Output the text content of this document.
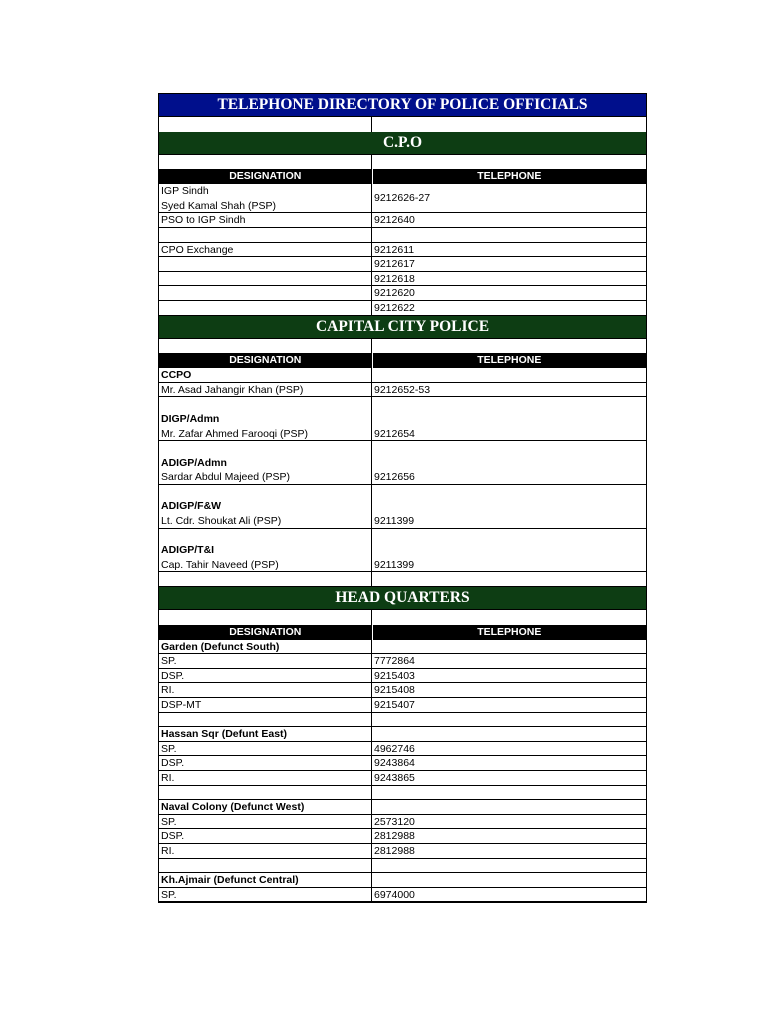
TELEPHONE DIRECTORY OF POLICE OFFICIALS
C.P.O
DESIGNATION	TELEPHONE
IGP Sindh
Syed Kamal Shah (PSP)
9212626-27
PSO to IGP Sindh	9212640
CPO Exchange	9212611
9212617
9212618
9212620
9212622
CAPITAL CITY POLICE
DESIGNATION	TELEPHONE
CCPO
Mr. Asad Jahangir Khan (PSP)	9212652-53
DIGP/Admn
Mr. Zafar Ahmed Farooqi (PSP)	9212654
ADIGP/Admn
Sardar Abdul Majeed (PSP)	9212656
ADIGP/F&W
Lt. Cdr. Shoukat Ali (PSP)	9211399
ADIGP/T&I
Cap. Tahir Naveed (PSP)	9211399
HEAD QUARTERS
DESIGNATION	TELEPHONE
Garden (Defunct South)
SP.	7772864
DSP.	9215403
RI.	9215408
DSP-MT	9215407
Hassan Sqr (Defunt East)
SP.	4962746
DSP.	9243864
RI.	9243865
Naval Colony (Defunct West)
SP.	2573120
DSP.	2812988
RI.	2812988
Kh.Ajmair (Defunct Central)
SP.	6974000
